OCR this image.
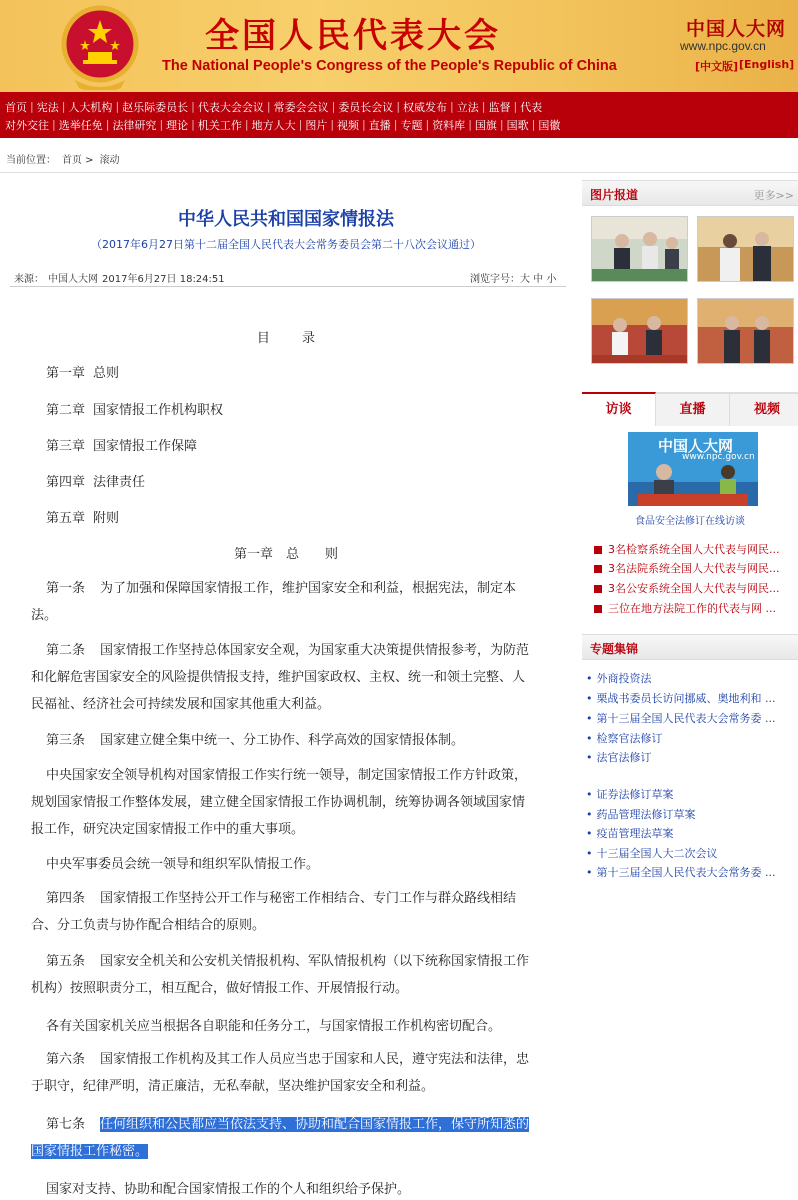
全国人民代表大会
The National People's Congress of the People's Republic of China
中国人大网
www.npc.gov.cn
[中文版] [English]
首页 | 宪法 | 人大机构 | 赵乐际委员长 | 代表大会会议 | 常委会会议 | 委员长会议 | 权威发布 | 立法 | 监督 | 代表
对外交往 | 选举任免 | 法律研究 | 理论 | 机关工作 | 地方人大 | 图片 | 视频 | 直播 | 专题 | 资料库 | 国旗 | 国歌 | 国徽
当前位置： 首页 > 滚动
中华人民共和国国家情报法
（2017年6月27日第十二届全国人民代表大会常务委员会第二十八次会议通过）
来源： 中国人大网 2017年6月27日 18:24:51	浏览字号：大 中 小
目 录
第一章 总则
第二章 国家情报工作机构职权
第三章 国家情报工作保障
第四章 法律责任
第五章 附则
第一章　总　　则
第一条 为了加强和保障国家情报工作，维护国家安全和利益，根据宪法，制定本法。
第二条 国家情报工作坚持总体国家安全观，为国家重大决策提供情报参考，为防范和化解危害国家安全的风险提供情报支持，维护国家政权、主权、统一和领土完整、人民福祉、经济社会可持续发展和国家其他重大利益。
第三条 国家建立健全集中统一、分工协作、科学高效的国家情报体制。
中央国家安全领导机构对国家情报工作实行统一领导，制定国家情报工作方针政策，规划国家情报工作整体发展，建立健全国家情报工作协调机制，统筹协调各领域国家情报工作，研究决定国家情报工作中的重大事项。
中央军事委员会统一领导和组织军队情报工作。
第四条 国家情报工作坚持公开工作与秘密工作相结合、专门工作与群众路线相结合、分工负责与协作配合相结合的原则。
第五条 国家安全机关和公安机关情报机构、军队情报机构（以下统称国家情报工作机构）按照职责分工，相互配合，做好情报工作、开展情报行动。
各有关国家机关应当根据各自职能和任务分工，与国家情报工作机构密切配合。
第六条 国家情报工作机构及其工作人员应当忠于国家和人民，遵守宪法和法律，忠于职守，纪律严明，清正廉洁，无私奉献，坚决维护国家安全和利益。
第七条 任何组织和公民都应当依法支持、协助和配合国家情报工作，保守所知悉的国家情报工作秘密。
国家对支持、协助和配合国家情报工作的个人和组织给予保护。
图片报道	更多>>
访谈	直播	视频
中国人大网
www.npc.gov.cn
食品安全法修订在线访谈
3名检察系统全国人大代表与网民...
3名法院系统全国人大代表与网民...
3名公安系统全国人大代表与网民...
三位在地方法院工作的代表与网 ...
专题集锦
• 外商投资法
• 栗战书委员长访问挪威、奥地利和 ...
• 第十三届全国人民代表大会常务委 ...
• 检察官法修订
• 法官法修订
• 证券法修订草案
• 药品管理法修订草案
• 疫苗管理法草案
• 十三届全国人大二次会议
• 第十三届全国人民代表大会常务委 ...
